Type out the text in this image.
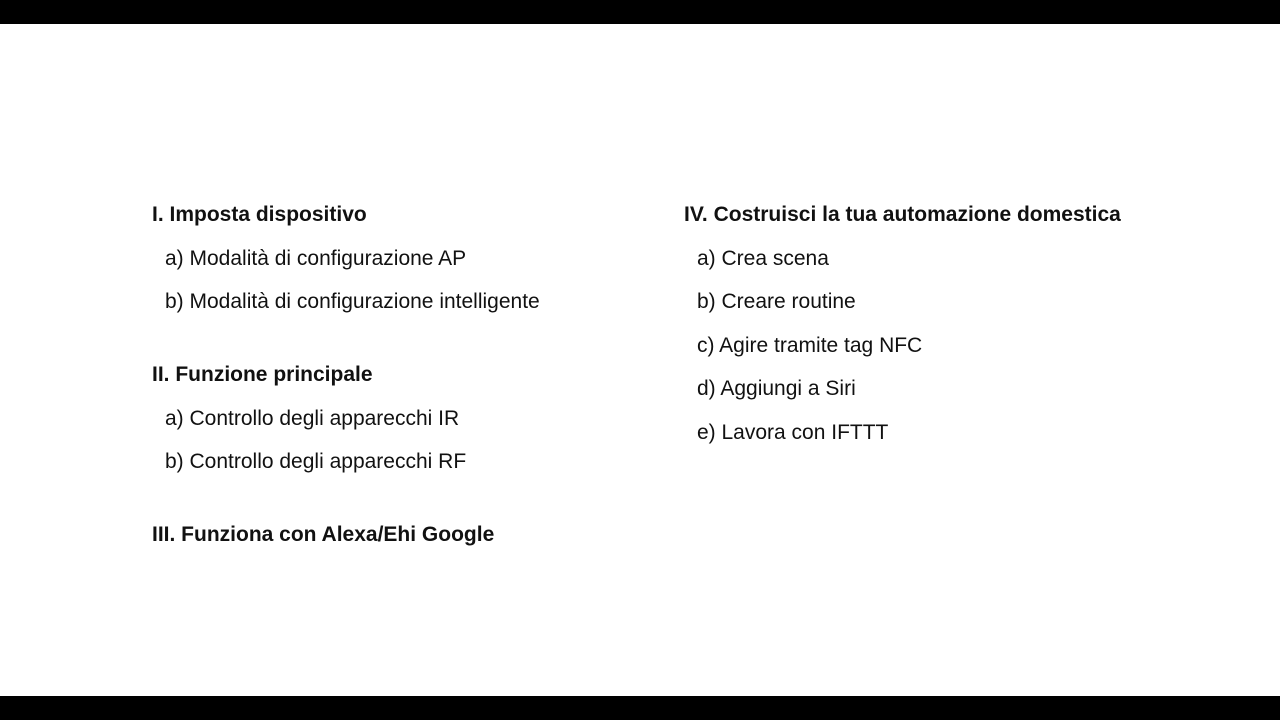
I. Imposta dispositivo
a) Modalità di configurazione AP
b) Modalità di configurazione intelligente
II. Funzione principale
a) Controllo degli apparecchi IR
b) Controllo degli apparecchi RF
III. Funziona con Alexa/Ehi Google
IV. Costruisci la tua automazione domestica
a) Crea scena
b) Creare routine
c) Agire tramite tag NFC
d) Aggiungi a Siri
e) Lavora con IFTTT
